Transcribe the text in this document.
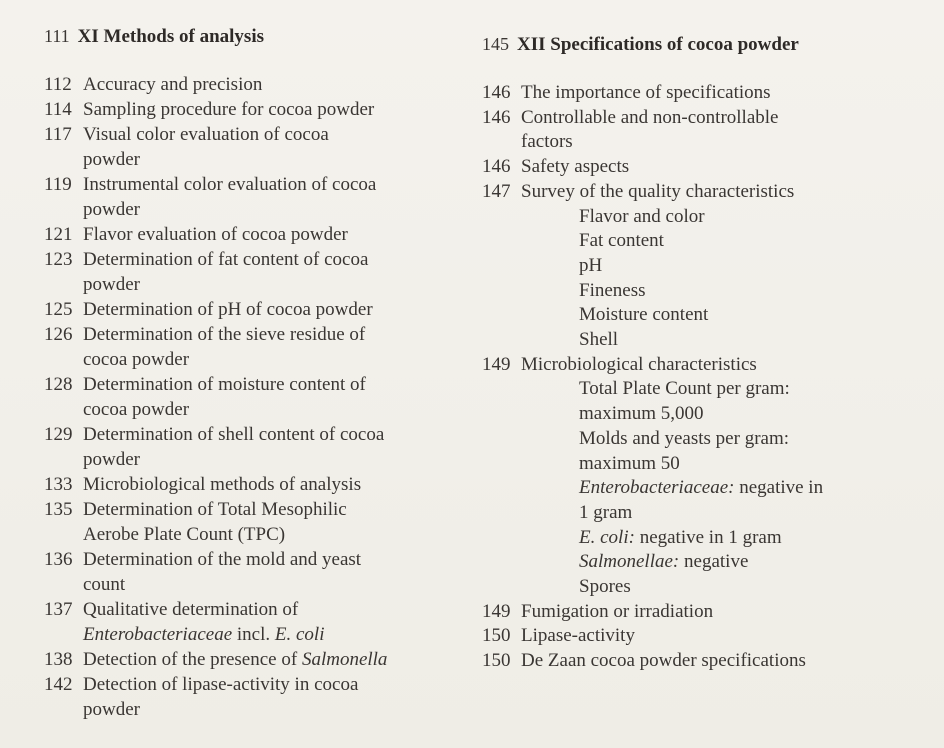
111 XI Methods of analysis
112 Accuracy and precision
114 Sampling procedure for cocoa powder
117 Visual color evaluation of cocoa
powder
119 Instrumental color evaluation of cocoa
powder
121 Flavor evaluation of cocoa powder
123 Determination of fat content of cocoa
powder
125 Determination of pH of cocoa powder
126 Determination of the sieve residue of
cocoa powder
128 Determination of moisture content of
cocoa powder
129 Determination of shell content of cocoa
powder
133 Microbiological methods of analysis
135 Determination of Total Mesophilic
Aerobe Plate Count (TPC)
136 Determination of the mold and yeast
count
137 Qualitative determination of
Enterobacteriaceae incl. E. coli
138 Detection of the presence of Salmonella
142 Detection of lipase-activity in cocoa
powder
145 XII Specifications of cocoa powder
146 The importance of specifications
146 Controllable and non-controllable
factors
146 Safety aspects
147 Survey of the quality characteristics
Flavor and color
Fat content
pH
Fineness
Moisture content
Shell
149 Microbiological characteristics
Total Plate Count per gram:
maximum 5,000
Molds and yeasts per gram:
maximum 50
Enterobacteriaceae: negative in
1 gram
E. coli: negative in 1 gram
Salmonellae: negative
Spores
149 Fumigation or irradiation
150 Lipase-activity
150 De Zaan cocoa powder specifications
